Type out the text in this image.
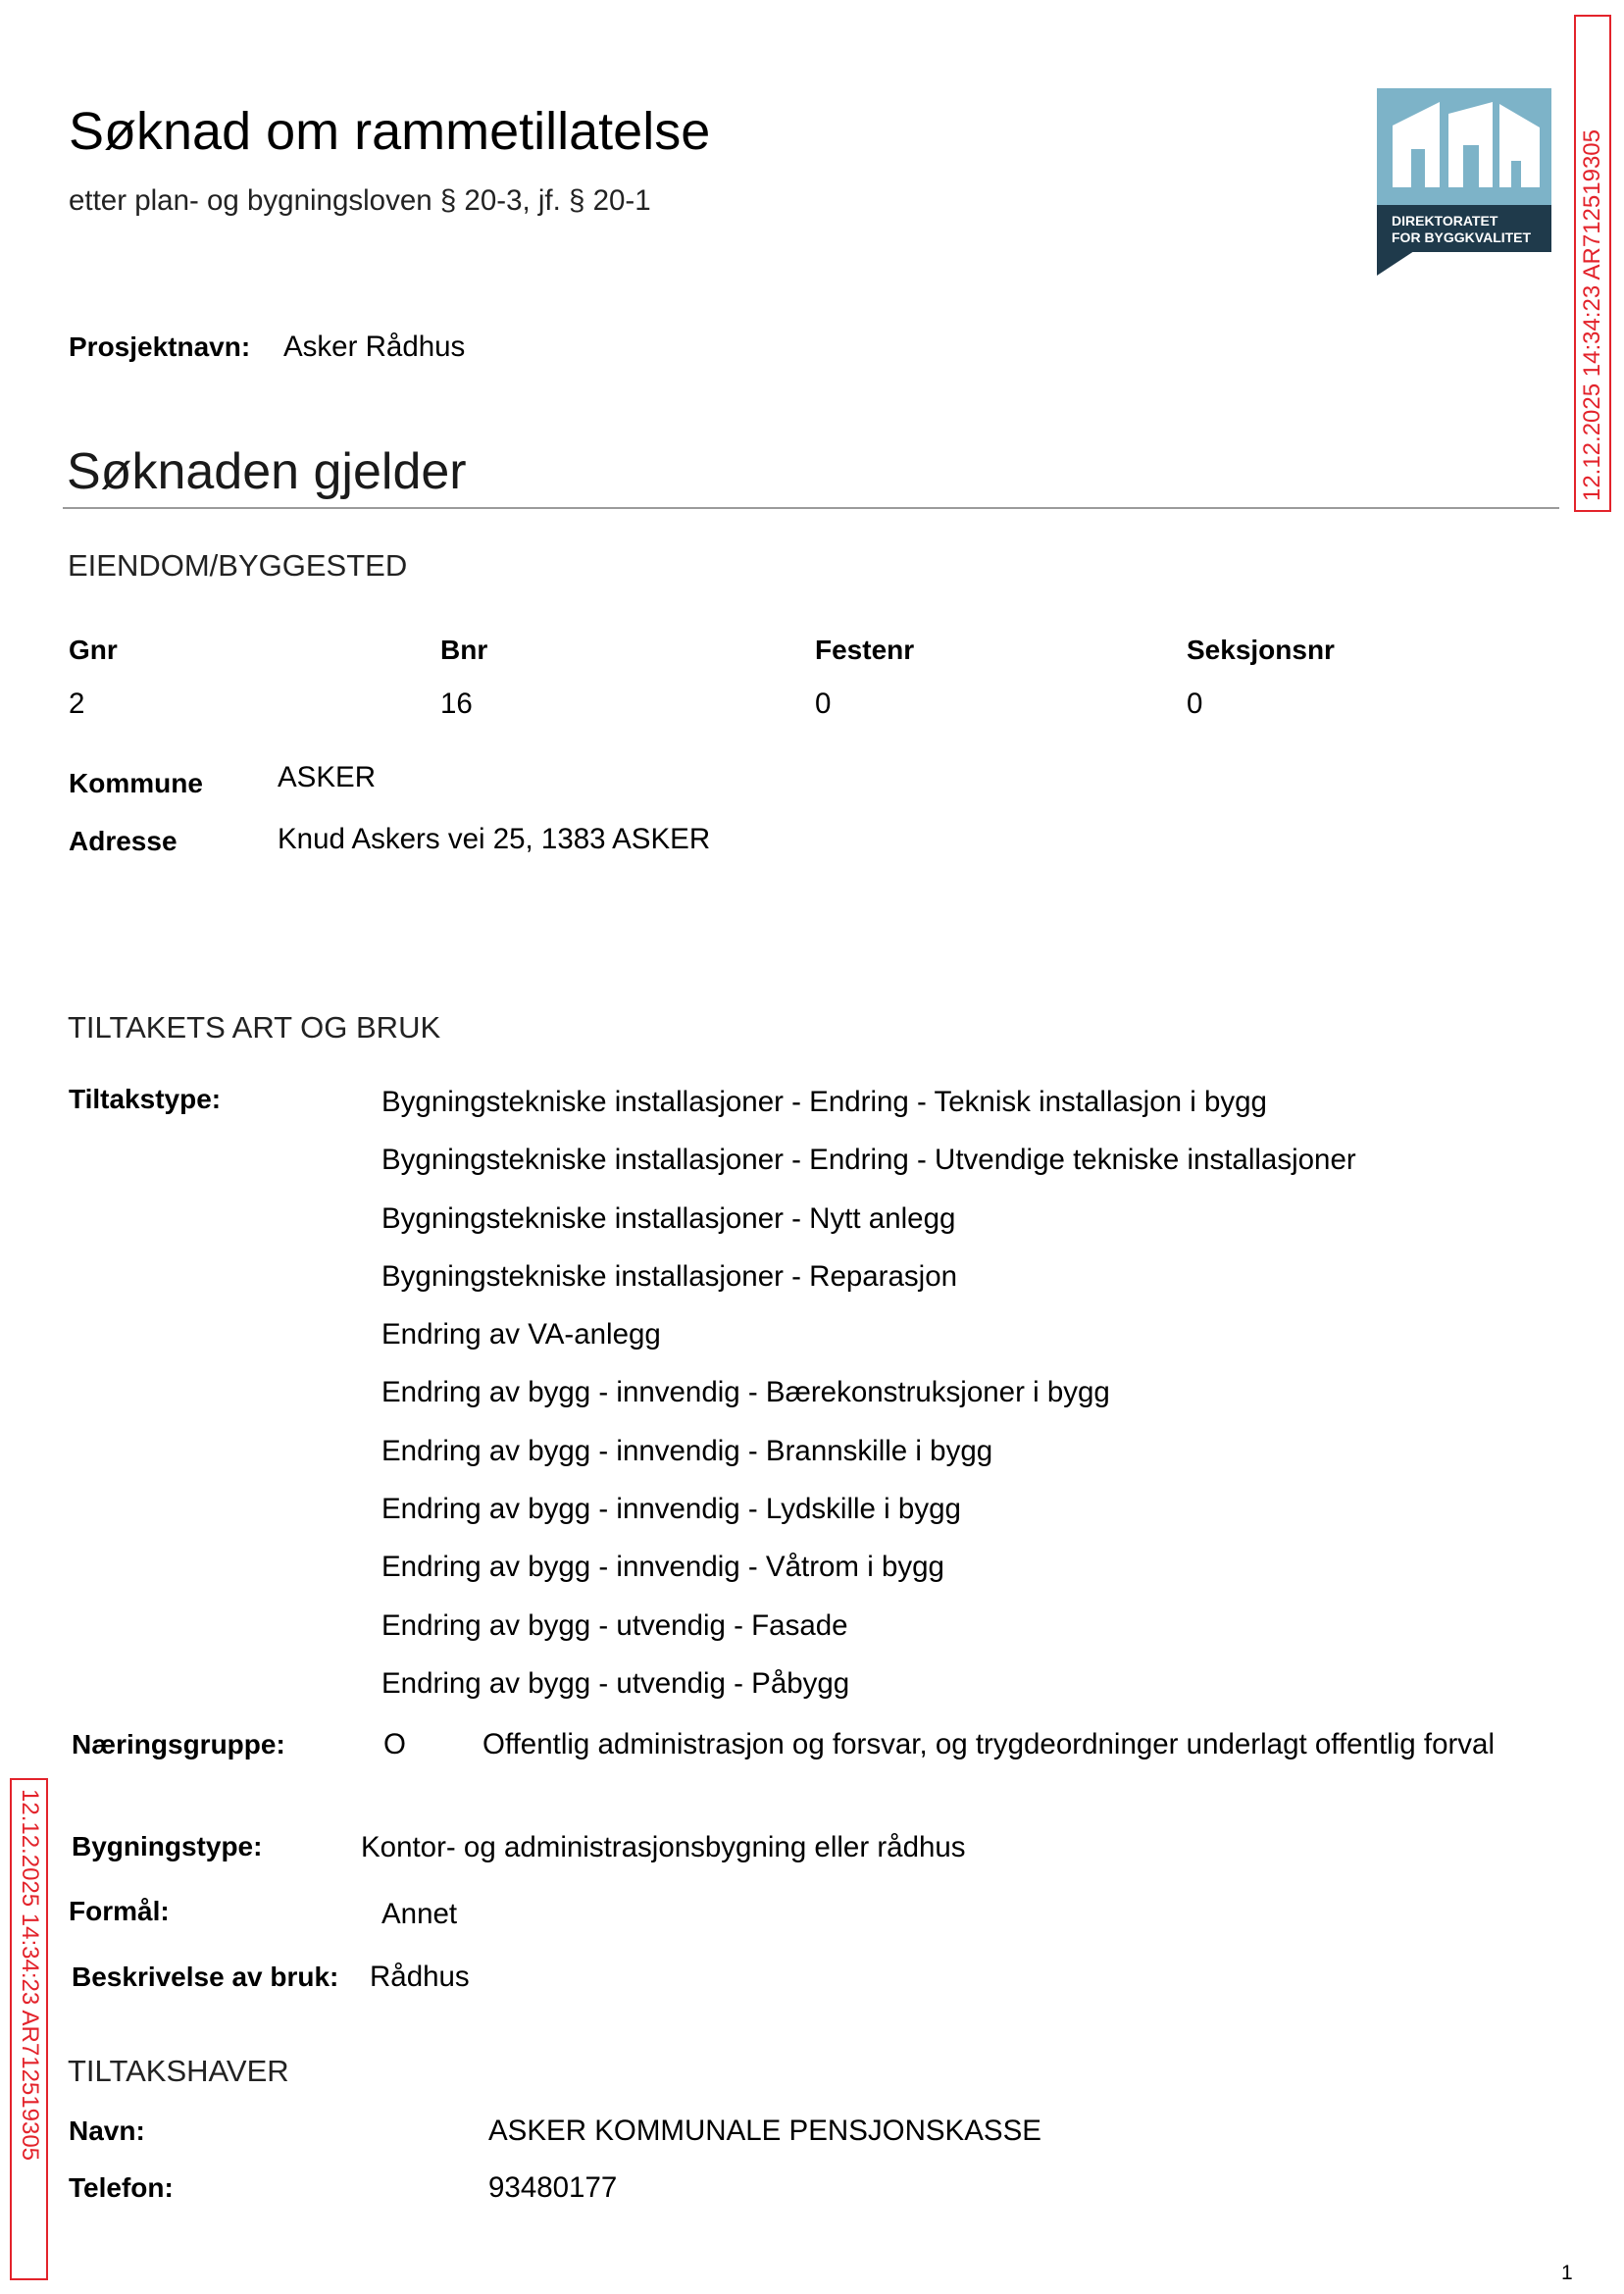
Søknad om rammetillatelse
etter plan- og bygningsloven § 20-3, jf. § 20-1
DIREKTORATET
FOR BYGGKVALITET 12.12.2025 14:34:23 AR712519305
12.12.2025 14:34:23 AR712519305
Prosjektnavn: Asker Rådhus
Søknaden gjelder
EIENDOM/BYGGESTED
Gnr	Bnr	Festenr	Seksjonsnr
2	16	0	0
Kommune	ASKER
Adresse	Knud Askers vei 25, 1383 ASKER
TILTAKETS ART OG BRUK
Tiltakstype:	Bygningstekniske installasjoner - Endring - Teknisk installasjon i bygg
Bygningstekniske installasjoner - Endring - Utvendige tekniske installasjoner
Bygningstekniske installasjoner - Nytt anlegg
Bygningstekniske installasjoner - Reparasjon
Endring av VA-anlegg
Endring av bygg - innvendig - Bærekonstruksjoner i bygg
Endring av bygg - innvendig - Brannskille i bygg
Endring av bygg - innvendig - Lydskille i bygg
Endring av bygg - innvendig - Våtrom i bygg
Endring av bygg - utvendig - Fasade
Endring av bygg - utvendig - Påbygg
Næringsgruppe:	O	Offentlig administrasjon og forsvar, og trygdeordninger underlagt offentlig forval
Bygningstype:	Kontor- og administrasjonsbygning eller rådhus
Formål:	Annet
Beskrivelse av bruk: Rådhus
TILTAKSHAVER
Navn:	ASKER KOMMUNALE PENSJONSKASSE
Telefon:	93480177
1
